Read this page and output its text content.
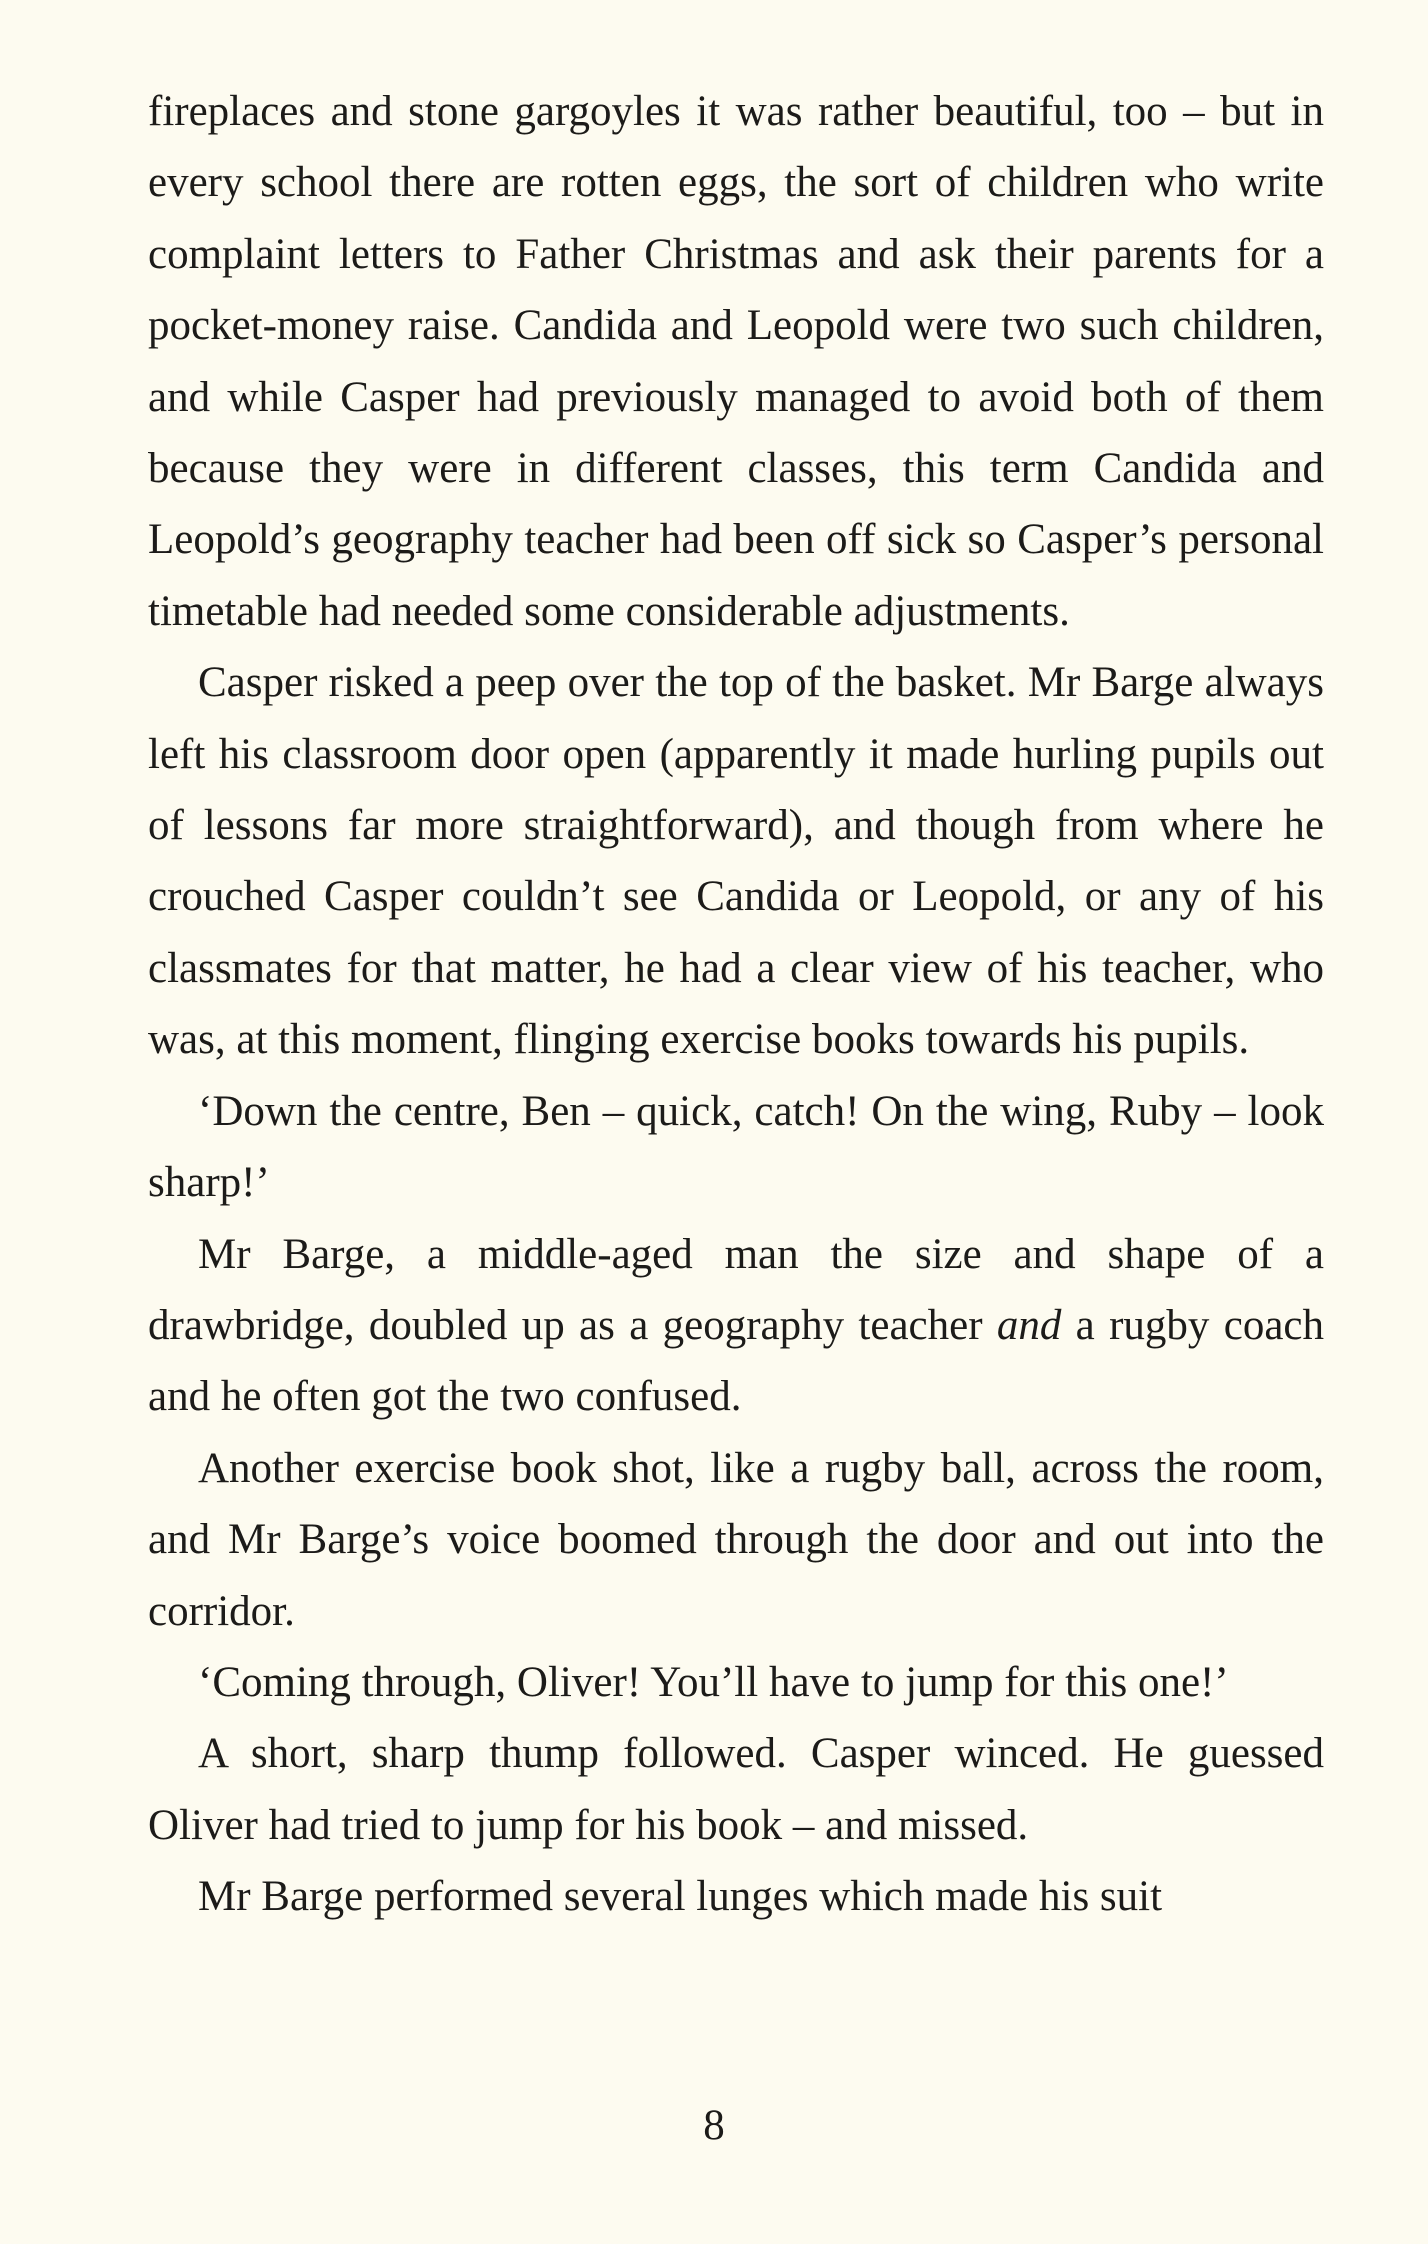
fireplaces and stone gargoyles it was rather beautiful, too – but in every school there are rotten eggs, the sort of children who write complaint letters to Father Christmas and ask their parents for a pocket-money raise. Candida and Leopold were two such children, and while Casper had previously managed to avoid both of them because they were in different classes, this term Candida and Leopold’s geography teacher had been off sick so Casper’s personal timetable had needed some considerable adjustments.

Casper risked a peep over the top of the basket. Mr Barge always left his classroom door open (apparently it made hurling pupils out of lessons far more straightforward), and though from where he crouched Casper couldn’t see Candida or Leopold, or any of his classmates for that matter, he had a clear view of his teacher, who was, at this moment, flinging exercise books towards his pupils.

‘Down the centre, Ben – quick, catch! On the wing, Ruby – look sharp!’

Mr Barge, a middle-aged man the size and shape of a drawbridge, doubled up as a geography teacher and a rugby coach and he often got the two confused.

Another exercise book shot, like a rugby ball, across the room, and Mr Barge’s voice boomed through the door and out into the corridor.

‘Coming through, Oliver! You’ll have to jump for this one!’

A short, sharp thump followed. Casper winced. He guessed Oliver had tried to jump for his book – and missed.

Mr Barge performed several lunges which made his suit

8
